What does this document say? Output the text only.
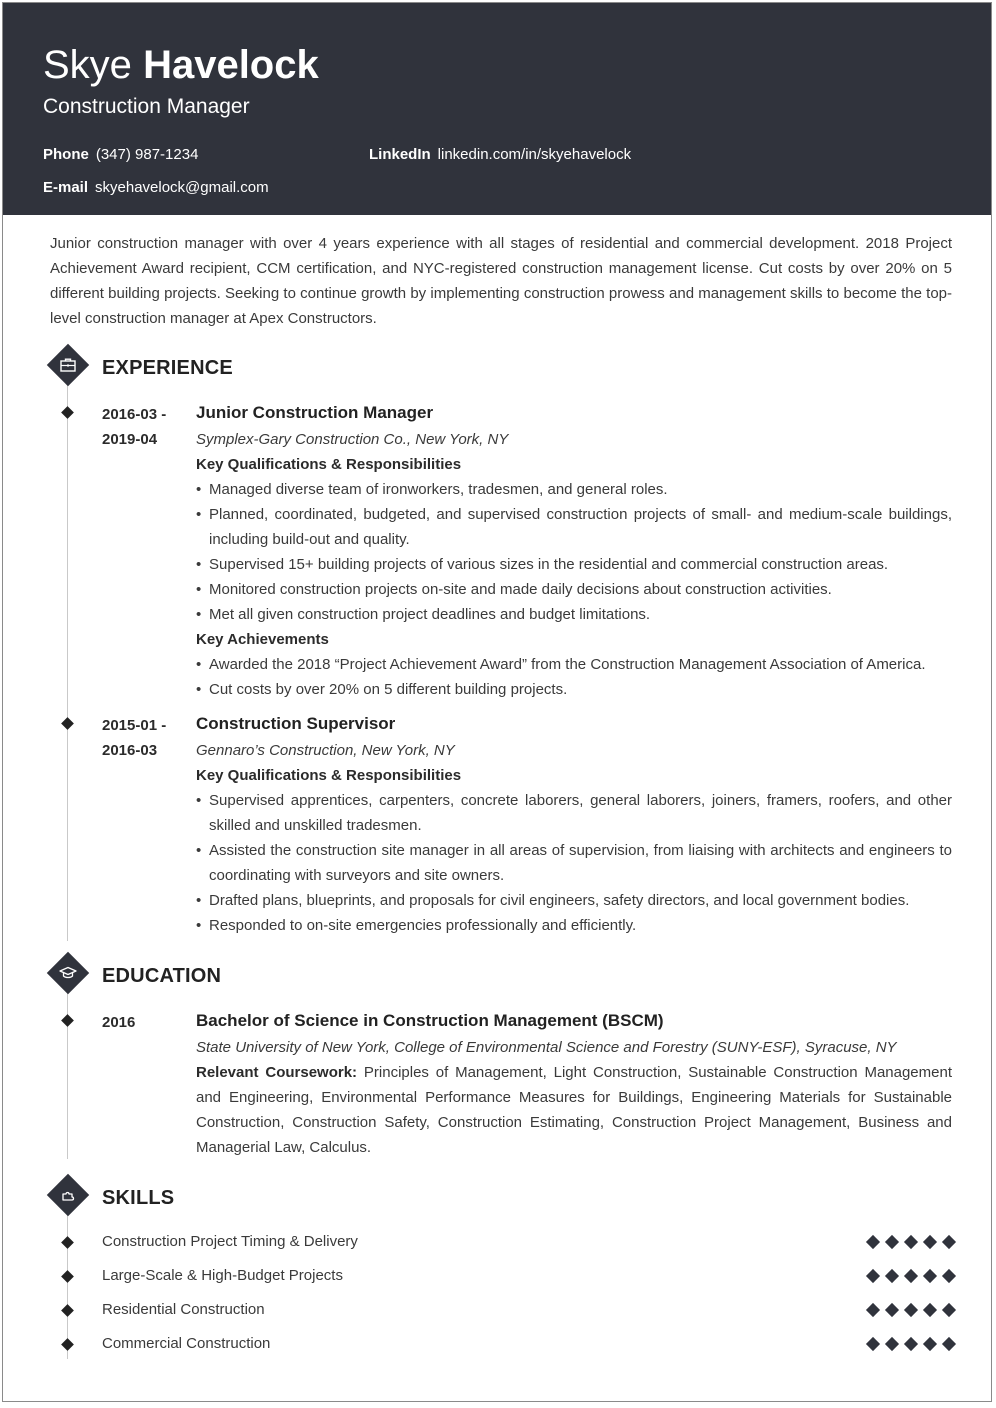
Skye Havelock
Construction Manager
Phone (347) 987-1234	LinkedIn linkedin.com/in/skyehavelock
E-mail skyehavelock@gmail.com
Junior construction manager with over 4 years experience with all stages of residential and commercial development. 2018 Project Achievement Award recipient, CCM certification, and NYC-registered construction management license. Cut costs by over 20% on 5 different building projects. Seeking to continue growth by implementing construction prowess and management skills to become the top-level construction manager at Apex Constructors.
EXPERIENCE
2016-03 -
2019-04
Junior Construction Manager
Symplex-Gary Construction Co., New York, NY
Key Qualifications & Responsibilities
• Managed diverse team of ironworkers, tradesmen, and general roles.
• Planned, coordinated, budgeted, and supervised construction projects of small- and medium-scale buildings, including build-out and quality.
• Supervised 15+ building projects of various sizes in the residential and commercial construction areas.
• Monitored construction projects on-site and made daily decisions about construction activities.
• Met all given construction project deadlines and budget limitations.
Key Achievements
• Awarded the 2018 “Project Achievement Award” from the Construction Management Association of America.
• Cut costs by over 20% on 5 different building projects.
2015-01 -
2016-03
Construction Supervisor
Gennaro’s Construction, New York, NY
Key Qualifications & Responsibilities
• Supervised apprentices, carpenters, concrete laborers, general laborers, joiners, framers, roofers, and other skilled and unskilled tradesmen.
• Assisted the construction site manager in all areas of supervision, from liaising with architects and engineers to coordinating with surveyors and site owners.
• Drafted plans, blueprints, and proposals for civil engineers, safety directors, and local government bodies.
• Responded to on-site emergencies professionally and efficiently.
EDUCATION
2016	Bachelor of Science in Construction Management (BSCM)
State University of New York, College of Environmental Science and Forestry (SUNY-ESF), Syracuse, NY
Relevant Coursework: Principles of Management, Light Construction, Sustainable Construction Management and Engineering, Environmental Performance Measures for Buildings, Engineering Materials for Sustainable Construction, Construction Safety, Construction Estimating, Construction Project Management, Business and Managerial Law, Calculus.
SKILLS
Construction Project Timing & Delivery
Large-Scale & High-Budget Projects
Residential Construction
Commercial Construction
